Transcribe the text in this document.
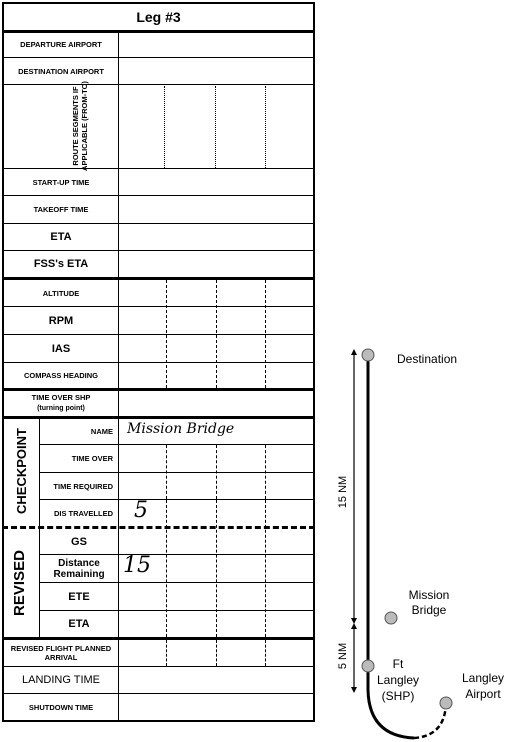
Leg #3
DEPARTURE AIRPORT
DESTINATION AIRPORT
ROUTE SEGMENTS IF APPLICABLE (FROM-TO)
START-UP TIME
TAKEOFF TIME
ETA
FSS's ETA
ALTITUDE
RPM
IAS
COMPASS HEADING
TIME OVER SHP
(turning point)
CHECKPOINT	NAME Mission Bridge
TIME OVER
TIME REQUIRED
DIS TRAVELLED 5
REVISED
GS
Distance Remaining 15
ETE
ETA
REVISED FLIGHT PLANNED ARRIVAL
LANDING TIME
SHUTDOWN TIME
Destination
Mission Bridge
Ft Langley (SHP)
Langley Airport
15 NM
5 NM
